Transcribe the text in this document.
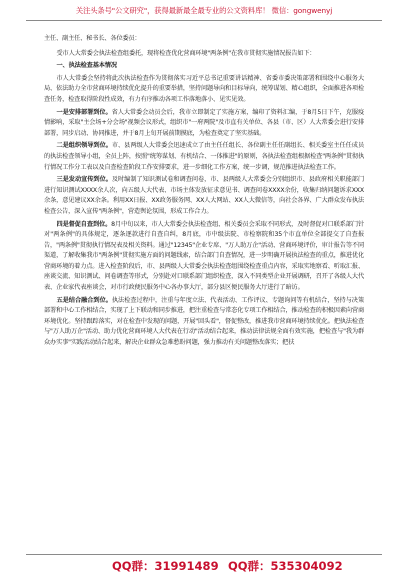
关注头条号"公文研究"，获得最新最全最专业的公文资料库！ 微信：gongwenyj

主任、副主任、秘书长、各位委员：

受市人大常委会执法检查组委托，现将检查优化营商环境"两条例"在我市贯彻实施情况报告如下：

一、执法检查基本情况

市人大常委会坚持将此次执法检查作为贯彻落实习近平总书记重要讲话精神、省委市委决策部署和围绕中心服务大局、依法助力全市营商环境持续优化提升的重要举措，坚持问题导向和目标导向，统筹谋划、精心组织，全面推进各项检查任务，检查取得阶段性成效，有力有序推动各项工作落地落小、见实见效。

一是安排部署到位。省人大常委会动员会后，我市立即制定了实施方案，编印了资料汇编，于8月5日下午，克服疫情影响，采取"主会场+分会场"视频会议形式，组织市"一府两院"及市直有关单位、各县（市、区）人大常委会进行安排部署，同步启动、协同推进，并于8月上旬开展前期摸底，为检查奠定了坚实基础。

二是组织领导到位。市、县两级人大常委会迅速成立了由主任任组长、各位副主任任副组长、相关委室主任任成员的执法检查领导小组，全员上阵，按照"统筹谋划、有机结合、一体推进"的原则，各执法检查组根据检查"两条例"贯彻执行情况工作分工表以及自查检查阶段工作安排要求，进一步细化工作方案，统一步调，规范推进执法检查工作。

三是发动宣传到位。及时编制了知识测试卷和调查问卷，市、县两级人大常委会分别组织市、县政府相关职能部门进行知识测试XXXX余人次，向五级人大代表、市场主体发放征求意见书、调查问卷XXXX余份，收集归纳问题诉求XXX余条，意见建议XX余条。利用XX日报、XX政务服务网、XX人大网站、XX人大微信等，向社会各界、广大群众发布执法检查公告，深入宣传"两条例"，营造舆论氛围，形成工作合力。

四是督促自查到位。8月中旬以来，市人大常委会执法检查组、相关委员会采取不同形式，及时督促对口联系部门针对"两条例"的具体规定，逐条逐款进行自查自纠，8月底，市中级法院、市检察院和35个市直单位全部提交了自查报告，"两条例"贯彻执行情况表及相关资料。通过"12345"企业专席、"万人助万企"活动、营商环境评价，审计报告等不同渠道，了解收集我市"两条例"贯彻实施方面的问题线索，结合部门自查情况，进一步明确开展执法检查的重点，推进优化营商环境的着力点。进入检查阶段后，市、县两级人大常委会执法检查组围绕检查重点内容，采取实地察看、听取汇报、座谈交流、知识测试、问卷调查等形式，分别赴对口联系部门组织检查，深入不同类型企业开展调研，召开了各级人大代表、企业家代表座谈会，对市行政便民服务中心各办事大厅，部分县区便民服务大厅进行了暗访。

五是结合融合到位。执法检查过程中，注重与年度立法、代表活动、工作评议、专题询问等有机结合，坚持与决策部署和中心工作相结合，实现了上下联动和同步推进，把注重检查与常态化专项工作相结合，推动检查的积极因素向营商环境优化。坚持跟踪落实，对在检查中发现的问题，开展"回头看"，督促整改，推进我市营商环境持续优化。把执法检查与"万人助万企"活动、助力优化营商环境人大代表在行动"活动结合起来，推动法律法规全面有效实施，把检查与"我为群众办实事"实践活动结合起来，解决企业群众急难愁盼问题，强力推动有关问题整改落实；把扶

QQ群：31991489 QQ群：535304092
